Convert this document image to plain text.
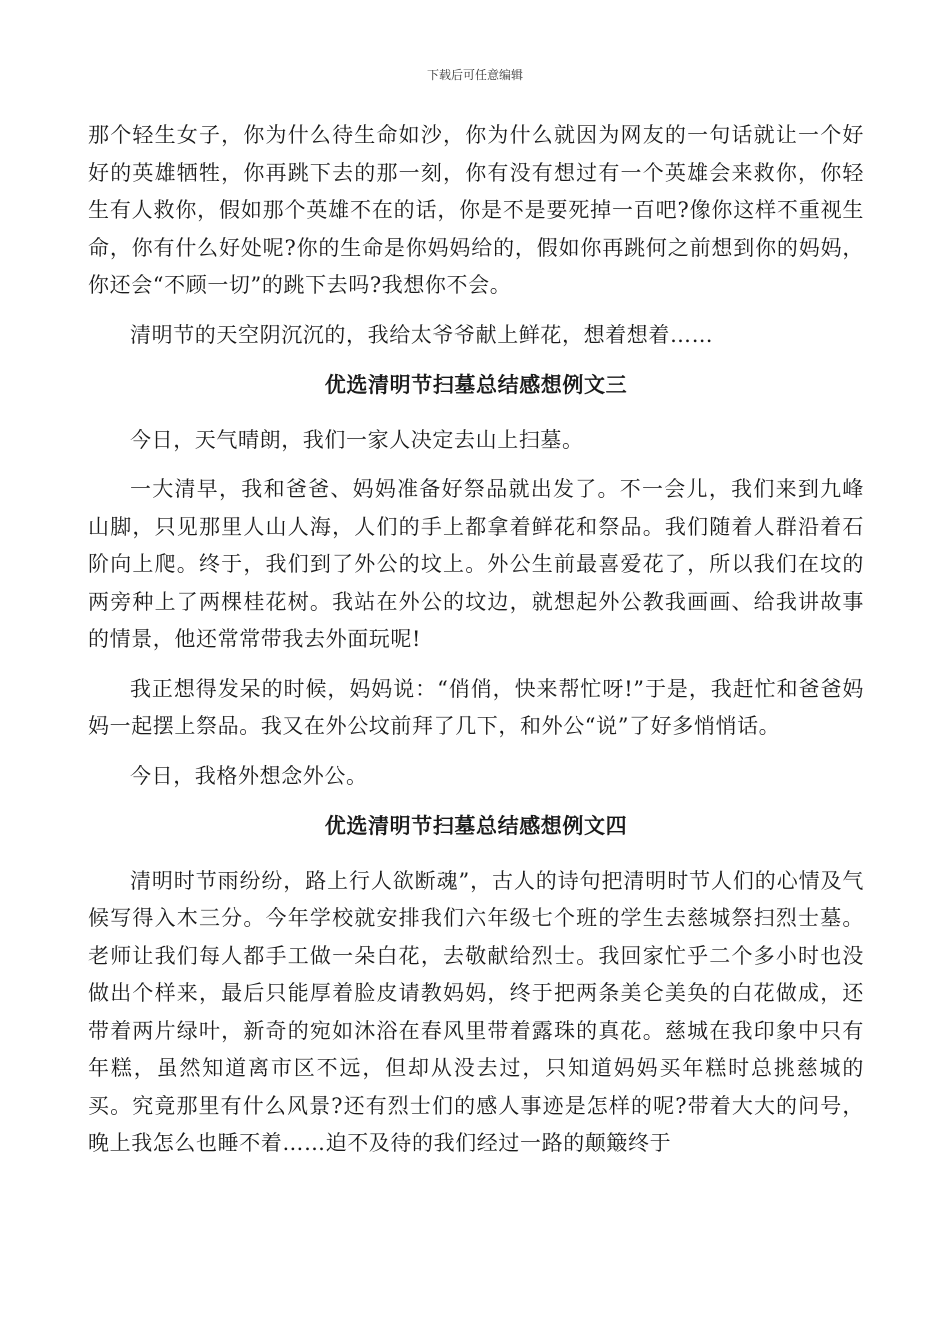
下载后可任意编辑

那个轻生女子，你为什么待生命如沙，你为什么就因为网友的一句话就让一个好好的英雄牺牲，你再跳下去的那一刻，你有没有想过有一个英雄会来救你，你轻生有人救你，假如那个英雄不在的话，你是不是要死掉一百吧?像你这样不重视生命，你有什么好处呢?你的生命是你妈妈给的，假如你再跳何之前想到你的妈妈，你还会“不顾一切”的跳下去吗?我想你不会。

清明节的天空阴沉沉的，我给太爷爷献上鲜花，想着想着……

优选清明节扫墓总结感想例文三

今日，天气晴朗，我们一家人决定去山上扫墓。

一大清早，我和爸爸、妈妈准备好祭品就出发了。不一会儿，我们来到九峰山脚，只见那里人山人海，人们的手上都拿着鲜花和祭品。我们随着人群沿着石阶向上爬。终于，我们到了外公的坟上。外公生前最喜爱花了，所以我们在坟的两旁种上了两棵桂花树。我站在外公的坟边，就想起外公教我画画、给我讲故事的情景，他还常常带我去外面玩呢!

我正想得发呆的时候，妈妈说：“俏俏，快来帮忙呀!”于是，我赶忙和爸爸妈妈一起摆上祭品。我又在外公坟前拜了几下，和外公“说”了好多悄悄话。

今日，我格外想念外公。

优选清明节扫墓总结感想例文四

清明时节雨纷纷，路上行人欲断魂”，古人的诗句把清明时节人们的心情及气候写得入木三分。今年学校就安排我们六年级七个班的学生去慈城祭扫烈士墓。老师让我们每人都手工做一朵白花，去敬献给烈士。我回家忙乎二个多小时也没做出个样来，最后只能厚着脸皮请教妈妈，终于把两条美仑美奂的白花做成，还带着两片绿叶，新奇的宛如沐浴在春风里带着露珠的真花。慈城在我印象中只有年糕，虽然知道离市区不远，但却从没去过，只知道妈妈买年糕时总挑慈城的买。究竟那里有什么风景?还有烈士们的感人事迹是怎样的呢?带着大大的问号，晚上我怎么也睡不着……迫不及待的我们经过一路的颠簸终于
